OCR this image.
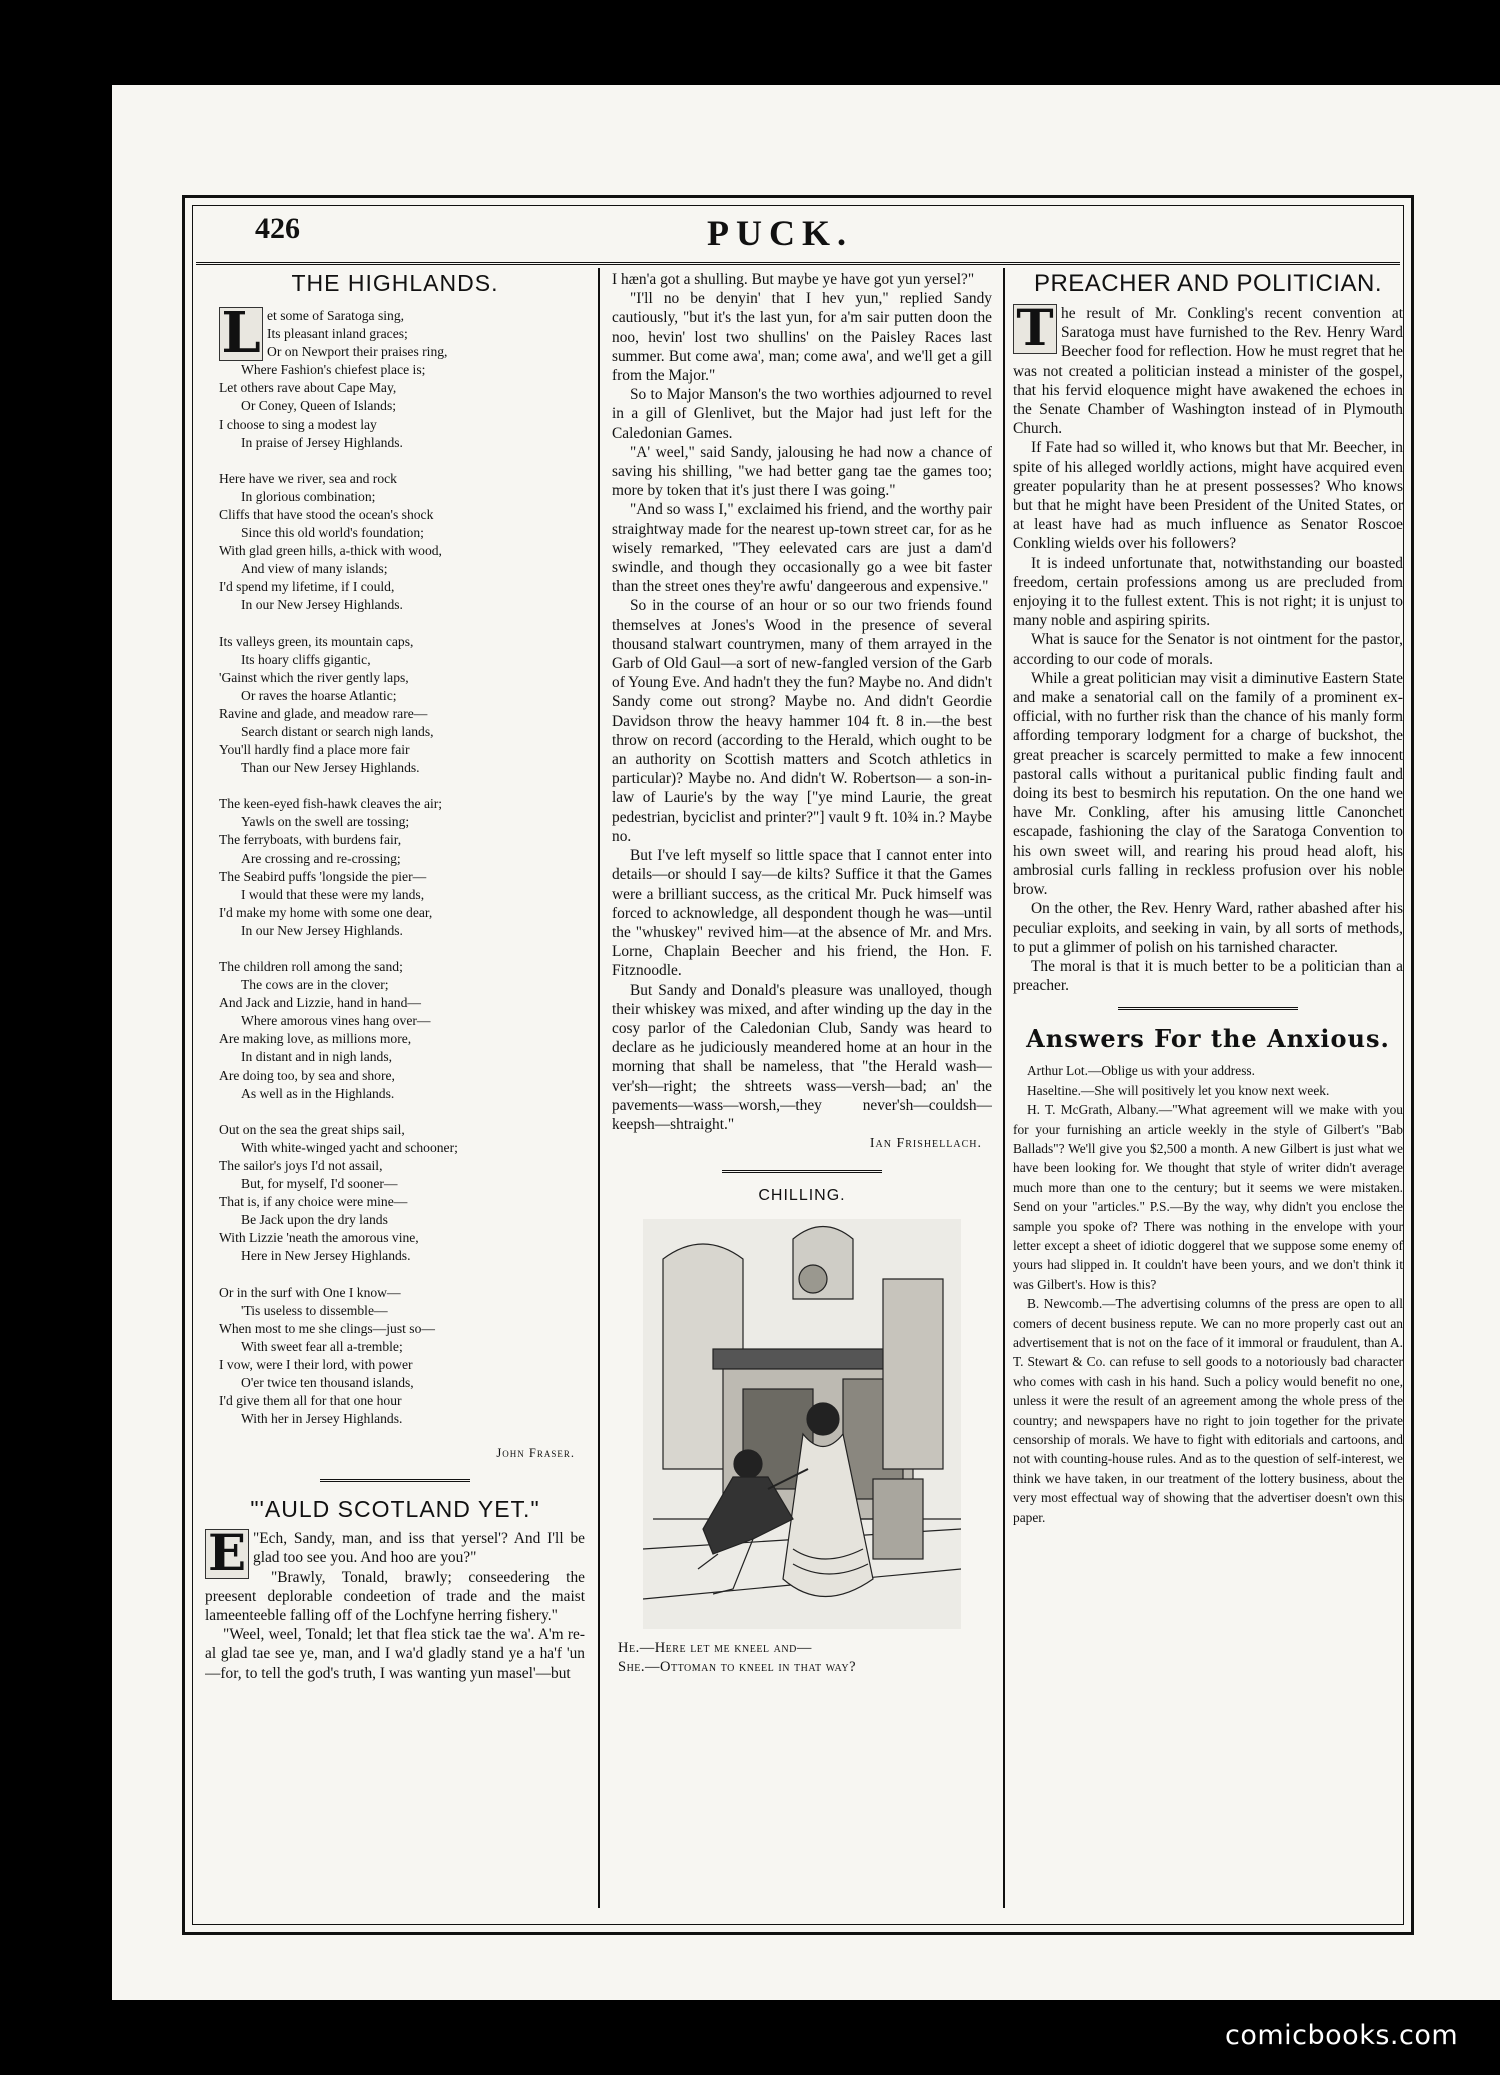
426	PUCK.
THE HIGHLANDS.
L et some of Saratoga sing,
Its pleasant inland graces;
Or on Newport their praises ring,
Where Fashion's chiefest place is;
Let others rave about Cape May,
Or Coney, Queen of Islands;
I choose to sing a modest lay
In praise of Jersey Highlands.
Here have we river, sea and rock
In glorious combination;
Cliffs that have stood the ocean's shock
Since this old world's foundation;
With glad green hills, a-thick with wood,
And view of many islands;
I'd spend my lifetime, if I could,
In our New Jersey Highlands.
Its valleys green, its mountain caps,
Its hoary cliffs gigantic,
'Gainst which the river gently laps,
Or raves the hoarse Atlantic;
Ravine and glade, and meadow rare—
Search distant or search nigh lands,
You'll hardly find a place more fair
Than our New Jersey Highlands.
The keen-eyed fish-hawk cleaves the air;
Yawls on the swell are tossing;
The ferryboats, with burdens fair,
Are crossing and re-crossing;
The Seabird puffs 'longside the pier—
I would that these were my lands,
I'd make my home with some one dear,
In our New Jersey Highlands.
The children roll among the sand;
The cows are in the clover;
And Jack and Lizzie, hand in hand—
Where amorous vines hang over—
Are making love, as millions more,
In distant and in nigh lands,
Are doing too, by sea and shore,
As well as in the Highlands.
Out on the sea the great ships sail,
With white-winged yacht and schooner;
The sailor's joys I'd not assail,
But, for myself, I'd sooner—
That is, if any choice were mine—
Be Jack upon the dry lands
With Lizzie 'neath the amorous vine,
Here in New Jersey Highlands.
Or in the surf with One I know—
'Tis useless to dissemble—
When most to me she clings—just so—
With sweet fear all a-tremble;
I vow, were I their lord, with power
O'er twice ten thousand islands,
I'd give them all for that one hour
With her in Jersey Highlands.
John Fraser.
"'AULD SCOTLAND YET."
E "Ech, Sandy, man, and iss that yersel'? And I'll be glad too see you. And hoo are you?"

"Brawly, Tonald, brawly; conseedering the preesent deplorable condeetion of trade and the maist lameenteeble falling off of the Lochfyne herring fishery."

"Weel, weel, Tonald; let that flea stick tae the wa'. A'm re-al glad tae see ye, man, and I wa'd gladly stand ye a ha'f 'un—for, to tell the god's truth, I was wanting yun masel'—but

I hæn'a got a shulling. But maybe ye have got yun yersel?"

"I'll no be denyin' that I hev yun," replied Sandy cautiously, "but it's the last yun, for a'm sair putten doon the noo, hevin' lost two shullins' on the Paisley Races last summer. But come awa', man; come awa', and we'll get a gill from the Major."

So to Major Manson's the two worthies adjourned to revel in a gill of Glenlivet, but the Major had just left for the Caledonian Games.

"A' weel," said Sandy, jalousing he had now a chance of saving his shilling, "we had better gang tae the games too; more by token that it's just there I was going."

"And so wass I," exclaimed his friend, and the worthy pair straightway made for the nearest up-town street car, for as he wisely remarked, "They eelevated cars are just a dam'd swindle, and though they occasionally go a wee bit faster than the street ones they're awfu' dangeerous and expensive."

So in the course of an hour or so our two friends found themselves at Jones's Wood in the presence of several thousand stalwart countrymen, many of them arrayed in the Garb of Old Gaul—a sort of new-fangled version of the Garb of Young Eve. And hadn't they the fun? Maybe no. And didn't Sandy come out strong? Maybe no. And didn't Geordie Davidson throw the heavy hammer 104 ft. 8 in.—the best throw on record (according to the Herald, which ought to be an authority on Scottish matters and Scotch athletics in particular)? Maybe no. And didn't W. Robertson— a son-in-law of Laurie's by the way ["ye mind Laurie, the great pedestrian, byciclist and printer?"] vault 9 ft. 10¾ in.? Maybe no.

But I've left myself so little space that I cannot enter into details—or should I say—de kilts? Suffice it that the Games were a brilliant success, as the critical Mr. Puck himself was forced to acknowledge, all despondent though he was—until the "whuskey" revived him—at the absence of Mr. and Mrs. Lorne, Chaplain Beecher and his friend, the Hon. F. Fitznoodle.

But Sandy and Donald's pleasure was unalloyed, though their whiskey was mixed, and after winding up the day in the cosy parlor of the Caledonian Club, Sandy was heard to declare as he judiciously meandered home at an hour in the morning that shall be nameless, that "the Herald wash—ver'sh—right; the shtreets wass—versh—bad; an' the pavements—wass—worsh,—they never'sh—couldsh—keepsh—shtraight."

Ian Frishellach.
CHILLING.
He.—Here let me kneel and—
She.—Ottoman to kneel in that way?
PREACHER AND POLITICIAN.
T he result of Mr. Conkling's recent convention at Saratoga must have furnished to the Rev. Henry Ward Beecher food for reflection. How he must regret that he was not created a politician instead a minister of the gospel, that his fervid eloquence might have awakened the echoes in the Senate Chamber of Washington instead of in Plymouth Church.

If Fate had so willed it, who knows but that Mr. Beecher, in spite of his alleged worldly actions, might have acquired even greater popularity than he at present possesses? Who knows but that he might have been President of the United States, or at least have had as much influence as Senator Roscoe Conkling wields over his followers?

It is indeed unfortunate that, notwithstanding our boasted freedom, certain professions among us are precluded from enjoying it to the fullest extent. This is not right; it is unjust to many noble and aspiring spirits.

What is sauce for the Senator is not ointment for the pastor, according to our code of morals.

While a great politician may visit a diminutive Eastern State and make a senatorial call on the family of a prominent ex-official, with no further risk than the chance of his manly form affording temporary lodgment for a charge of buckshot, the great preacher is scarcely permitted to make a few innocent pastoral calls without a puritanical public finding fault and doing its best to besmirch his reputation. On the one hand we have Mr. Conkling, after his amusing little Canonchet escapade, fashioning the clay of the Saratoga Convention to his own sweet will, and rearing his proud head aloft, his ambrosial curls falling in reckless profusion over his noble brow.

On the other, the Rev. Henry Ward, rather abashed after his peculiar exploits, and seeking in vain, by all sorts of methods, to put a glimmer of polish on his tarnished character.

The moral is that it is much better to be a politician than a preacher.

Answers For the Anxious.

Arthur Lot.—Oblige us with your address.

Haseltine.—She will positively let you know next week.

H. T. McGrath, Albany.—"What agreement will we make with you for your furnishing an article weekly in the style of Gilbert's "Bab Ballads"? We'll give you $2,500 a month. A new Gilbert is just what we have been looking for. We thought that style of writer didn't average much more than one to the century; but it seems we were mistaken. Send on your "articles." P.S.—By the way, why didn't you enclose the sample you spoke of? There was nothing in the envelope with your letter except a sheet of idiotic doggerel that we suppose some enemy of yours had slipped in. It couldn't have been yours, and we don't think it was Gilbert's. How is this?

B. Newcomb.—The advertising columns of the press are open to all comers of decent business repute. We can no more properly cast out an advertisement that is not on the face of it immoral or fraudulent, than A. T. Stewart & Co. can refuse to sell goods to a notoriously bad character who comes with cash in his hand. Such a policy would benefit no one, unless it were the result of an agreement among the whole press of the country; and newspapers have no right to join together for the private censorship of morals. We have to fight with editorials and cartoons, and not with counting-house rules. And as to the question of self-interest, we think we have taken, in our treatment of the lottery business, about the very most effectual way of showing that the advertiser doesn't own this paper.

comicbooks.com
